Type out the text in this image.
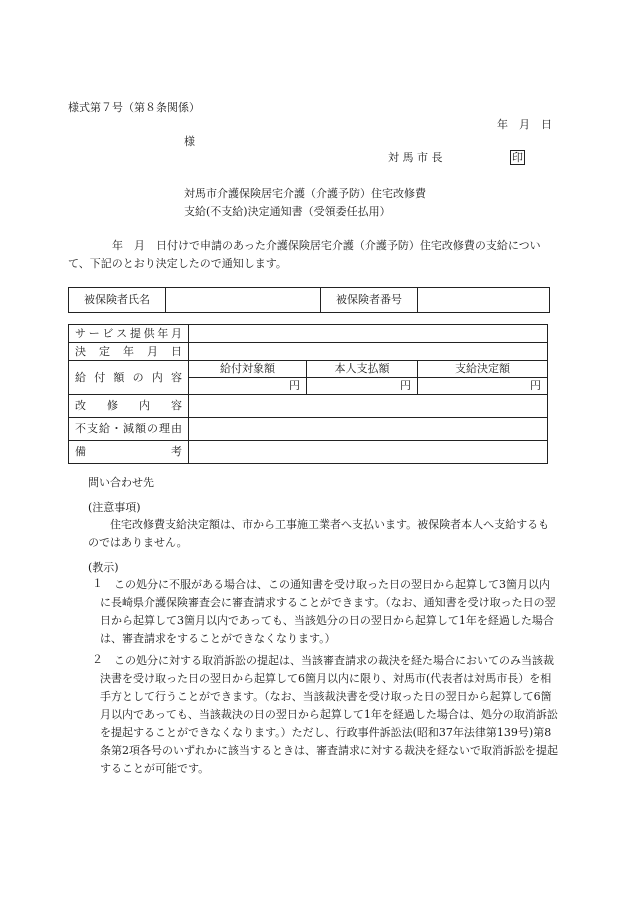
様式第７号（第８条関係）
年　月　日
様
対 馬 市 長	印
対馬市介護保険居宅介護（介護予防）住宅改修費
支給(不支給)決定通知書（受領委任払用）
　　年　月　日付けで申請のあった介護保険居宅介護（介護予防）住宅改修費の支給について、下記のとおり決定したので通知します。
被保険者氏名		被保険者番号	
サービス提供年月			
決定年月日			
給付額の内容	給付対象額	本人支払額	支給決定額
	円	円	円
改修内容			
不支給・減額の理由			
備考			
問い合わせ先
(注意事項)
住宅改修費支給決定額は、市から工事施工業者へ支払います。被保険者本人へ支給するものではありません。
(教示)
１	この処分に不服がある場合は、この通知書を受け取った日の翌日から起算して3箇月以内に長崎県介護保険審査会に審査請求することができます。（なお、通知書を受け取った日の翌日から起算して3箇月以内であっても、当該処分の日の翌日から起算して1年を経過した場合は、審査請求をすることができなくなります。）
２	この処分に対する取消訴訟の提起は、当該審査請求の裁決を経た場合においてのみ当該裁決書を受け取った日の翌日から起算して6箇月以内に限り、対馬市(代表者は対馬市長）を相手方として行うことができます。（なお、当該裁決書を受け取った日の翌日から起算して6箇月以内であっても、当該裁決の日の翌日から起算して1年を経過した場合は、処分の取消訴訟を提起することができなくなります。）ただし、行政事件訴訟法(昭和37年法律第139号)第8条第2項各号のいずれかに該当するときは、審査請求に対する裁決を経ないで取消訴訟を提起することが可能です。
